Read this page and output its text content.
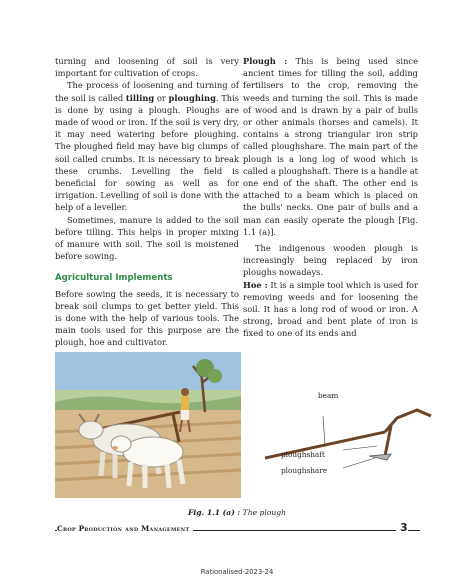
turning and loosening of soil is very important for cultivation of crops.

The process of loosening and turning of the soil is called tilling or ploughing. This is done by using a plough. Ploughs are made of wood or iron. If the soil is very dry, it may need watering before ploughing. The ploughed field may have big clumps of soil called crumbs. It is necessary to break these crumbs. Levelling the field is beneficial for sowing as well as for irrigation. Levelling of soil is done with the help of a leveller.

Sometimes, manure is added to the soil before tilling. This helps in proper mixing of manure with soil. The soil is moistened before sowing.

Agricultural Implements

Before sowing the seeds, it is necessary to break soil clumps to get better yield. This is done with the help of various tools. The main tools used for this purpose are the plough, hoe and cultivator.

Plough : This is being used since ancient times for tilling the soil, adding fertilisers to the crop, removing the weeds and turning the soil. This is made of wood and is drawn by a pair of bulls or other animals (horses and camels). It contains a strong triangular iron strip called ploughshare. The main part of the plough is a long log of wood which is called a ploughshaft. There is a handle at one end of the shaft. The other end is attached to a beam which is placed on the bulls' necks. One pair of bulls and a man can easily operate the plough [Fig. 1.1 (a)].

The indigenous wooden plough is increasingly being replaced by iron ploughs nowadays.

Hoe : It is a simple tool which is used for removing weeds and for loosening the soil. It has a long rod of wood or iron. A strong, broad and bent plate of iron is fixed to one of its ends and

beam
ploughshaft
ploughshare
Fig. 1.1 (a) : The plough
Crop Production and Management	3
Rationalised-2023-24
